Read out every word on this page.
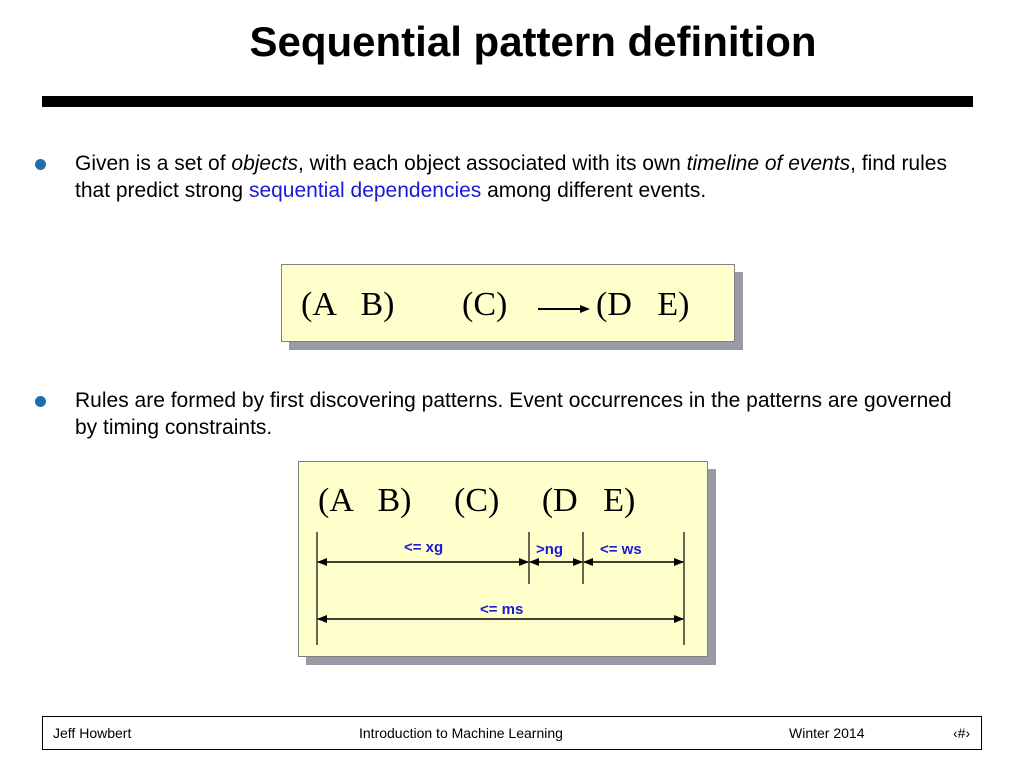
Sequential pattern definition
Given is a set of objects, with each object associated with its own timeline of events, find rules that predict strong sequential dependencies among different events.
(A   B) (C)	(D   E)
Rules are formed by first discovering patterns. Event occurrences in the patterns are governed by timing constraints.
(A   B)     (C)     (D   E)
<= xg	>ng <= ws
<= ms
Jeff Howbert	Introduction to Machine Learning	Winter 2014	‹#›
